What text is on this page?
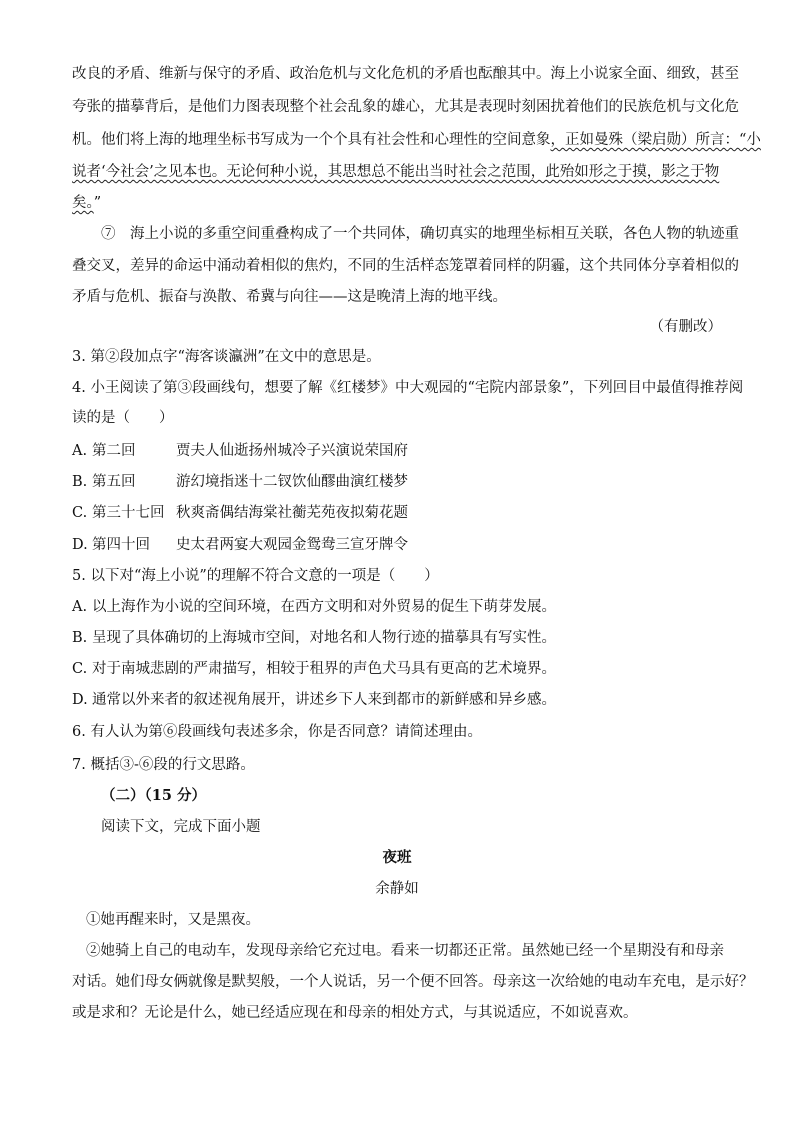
改良的矛盾、维新与保守的矛盾、政治危机与文化危机的矛盾也酝酿其中。海上小说家全面、细致，甚至
夸张的描摹背后，是他们力图表现整个社会乱象的雄心，尤其是表现时刻困扰着他们的民族危机与文化危
机。他们将上海的地理坐标书写成为一个个具有社会性和心理性的空间意象，正如曼殊（梁启勋）所言：“小
说者‘今社会’之见本也。无论何种小说，其思想总不能出当时社会之范围，此殆如形之于摸，影之于物
矣。”
⑦　海上小说的多重空间重叠构成了一个共同体，确切真实的地理坐标相互关联，各色人物的轨迹重
叠交叉，差异的命运中涌动着相似的焦灼，不同的生活样态笼罩着同样的阴霾，这个共同体分享着相似的
矛盾与危机、振奋与涣散、希冀与向往——这是晚清上海的地平线。
（有删改）
3. 第②段加点字“海客谈瀛洲”在文中的意思是。
4. 小王阅读了第③段画线句，想要了解《红楼梦》中大观园的“宅院内部景象”，下列回目中最值得推荐阅
读的是（　　）
A. 第二回	贾夫人仙逝扬州城冷子兴演说荣国府
B. 第五回	游幻境指迷十二钗饮仙醪曲演红楼梦
C. 第三十七回 秋爽斋偶结海棠社蘅芜苑夜拟菊花题
D. 第四十回 史太君两宴大观园金鸳鸯三宣牙牌令
5. 以下对“海上小说”的理解不符合文意的一项是（　　）
A. 以上海作为小说的空间环境，在西方文明和对外贸易的促生下萌芽发展。
B. 呈现了具体确切的上海城市空间，对地名和人物行迹的描摹具有写实性。
C. 对于南城悲剧的严肃描写，相较于租界的声色犬马具有更高的艺术境界。
D. 通常以外来者的叙述视角展开，讲述乡下人来到都市的新鲜感和异乡感。
6. 有人认为第⑥段画线句表述多余，你是否同意？请简述理由。
7. 概括③-⑥段的行文思路。
（二）（15 分）
阅读下文，完成下面小题
夜班
余静如
①她再醒来时，又是黑夜。
②她骑上自己的电动车，发现母亲给它充过电。看来一切都还正常。虽然她已经一个星期没有和母亲
对话。她们母女俩就像是默契般，一个人说话，另一个便不回答。母亲这一次给她的电动车充电，是示好？
或是求和？无论是什么，她已经适应现在和母亲的相处方式，与其说适应，不如说喜欢。
